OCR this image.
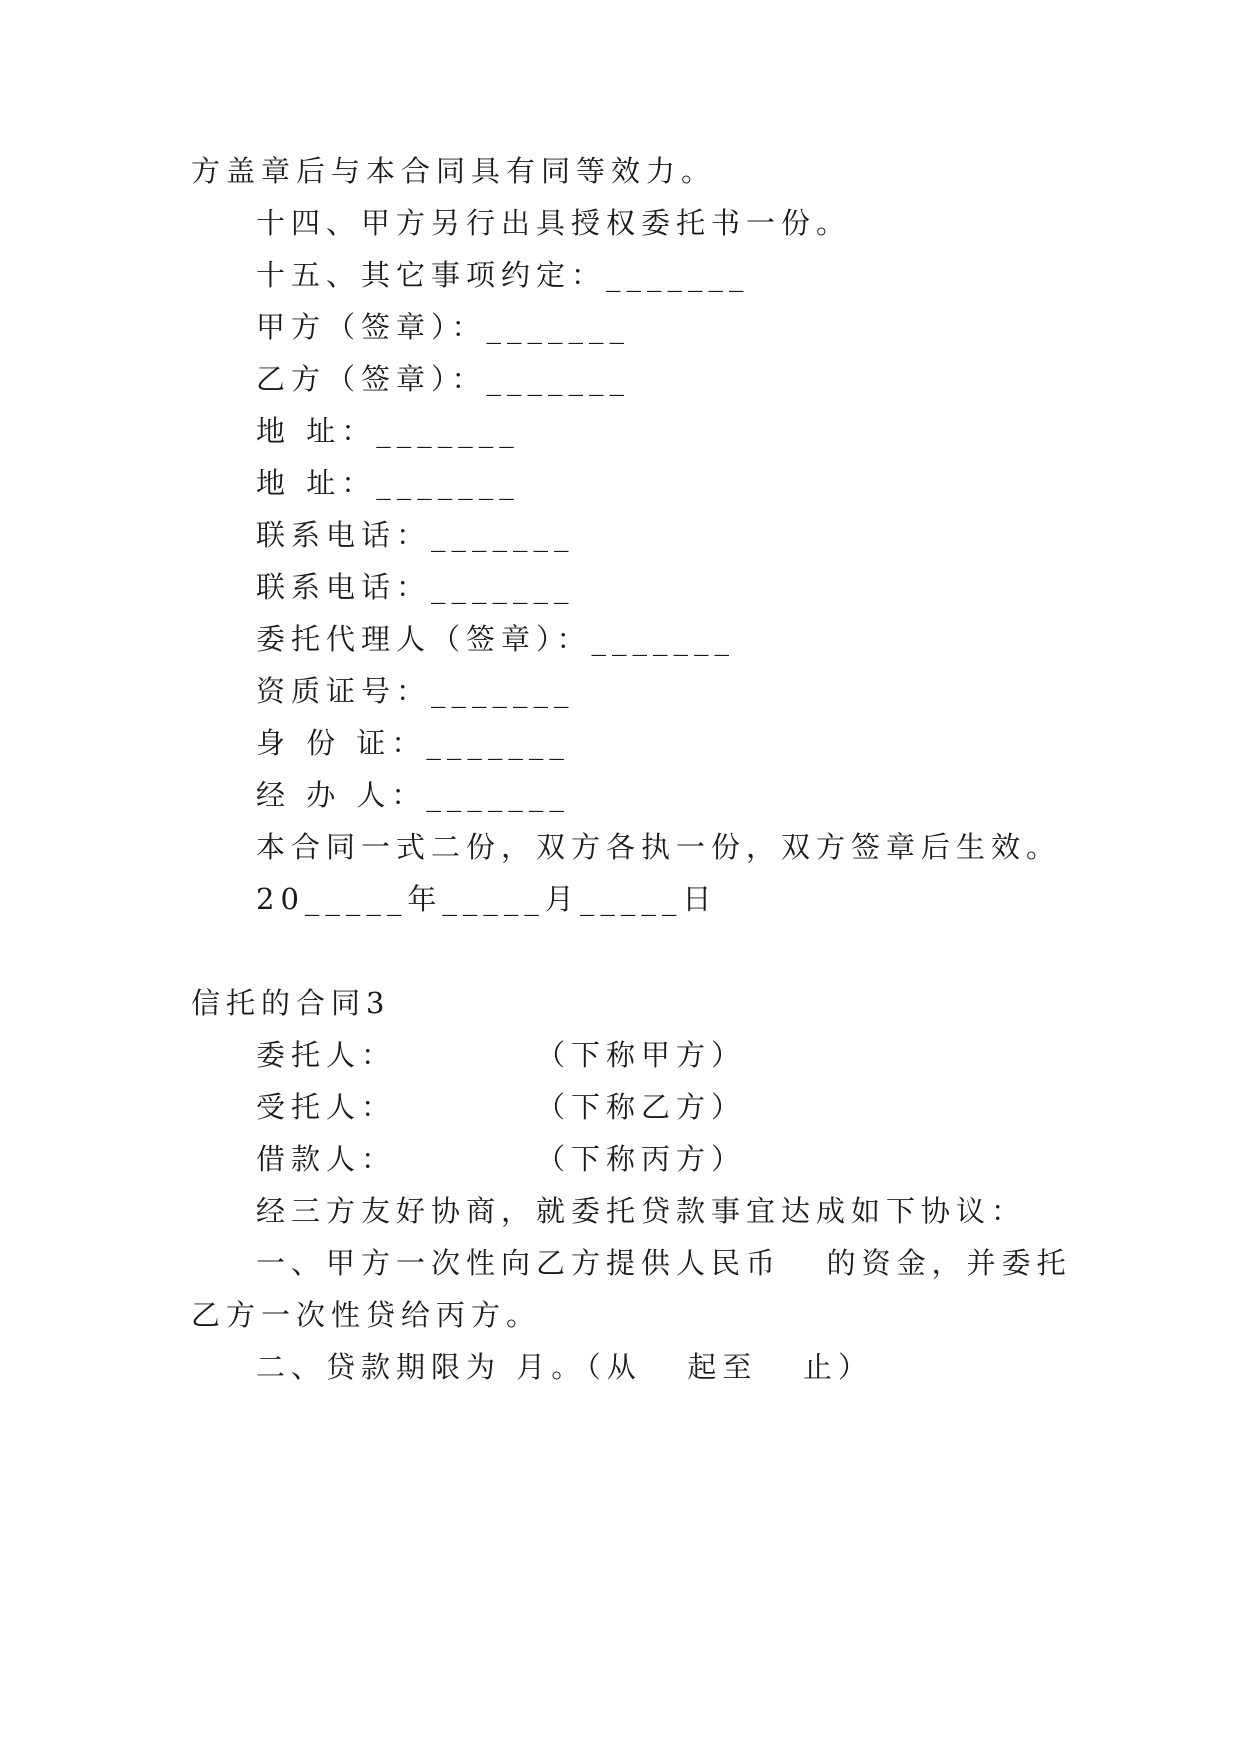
方盖章后与本合同具有同等效力。
十四、甲方另行出具授权委托书一份。
十五、其它事项约定：_______
甲方（签章）：_______
乙方（签章）：_______
地 址：_______
地 址：_______
联系电话：_______
联系电话：_______
委托代理人（签章）：_______
资质证号：_______
身 份 证：_______
经 办 人：_______
本合同一式二份，双方各执一份，双方签章后生效。
20_____年_____月_____日
信托的合同3
委托人：	（下称甲方）
受托人：	（下称乙方）
借款人：	（下称丙方）
经三方友好协商，就委托贷款事宜达成如下协议：
一、甲方一次性向乙方提供人民币   的资金，并委托
乙方一次性贷给丙方。
二、贷款期限为 月。（从   起至   止）
